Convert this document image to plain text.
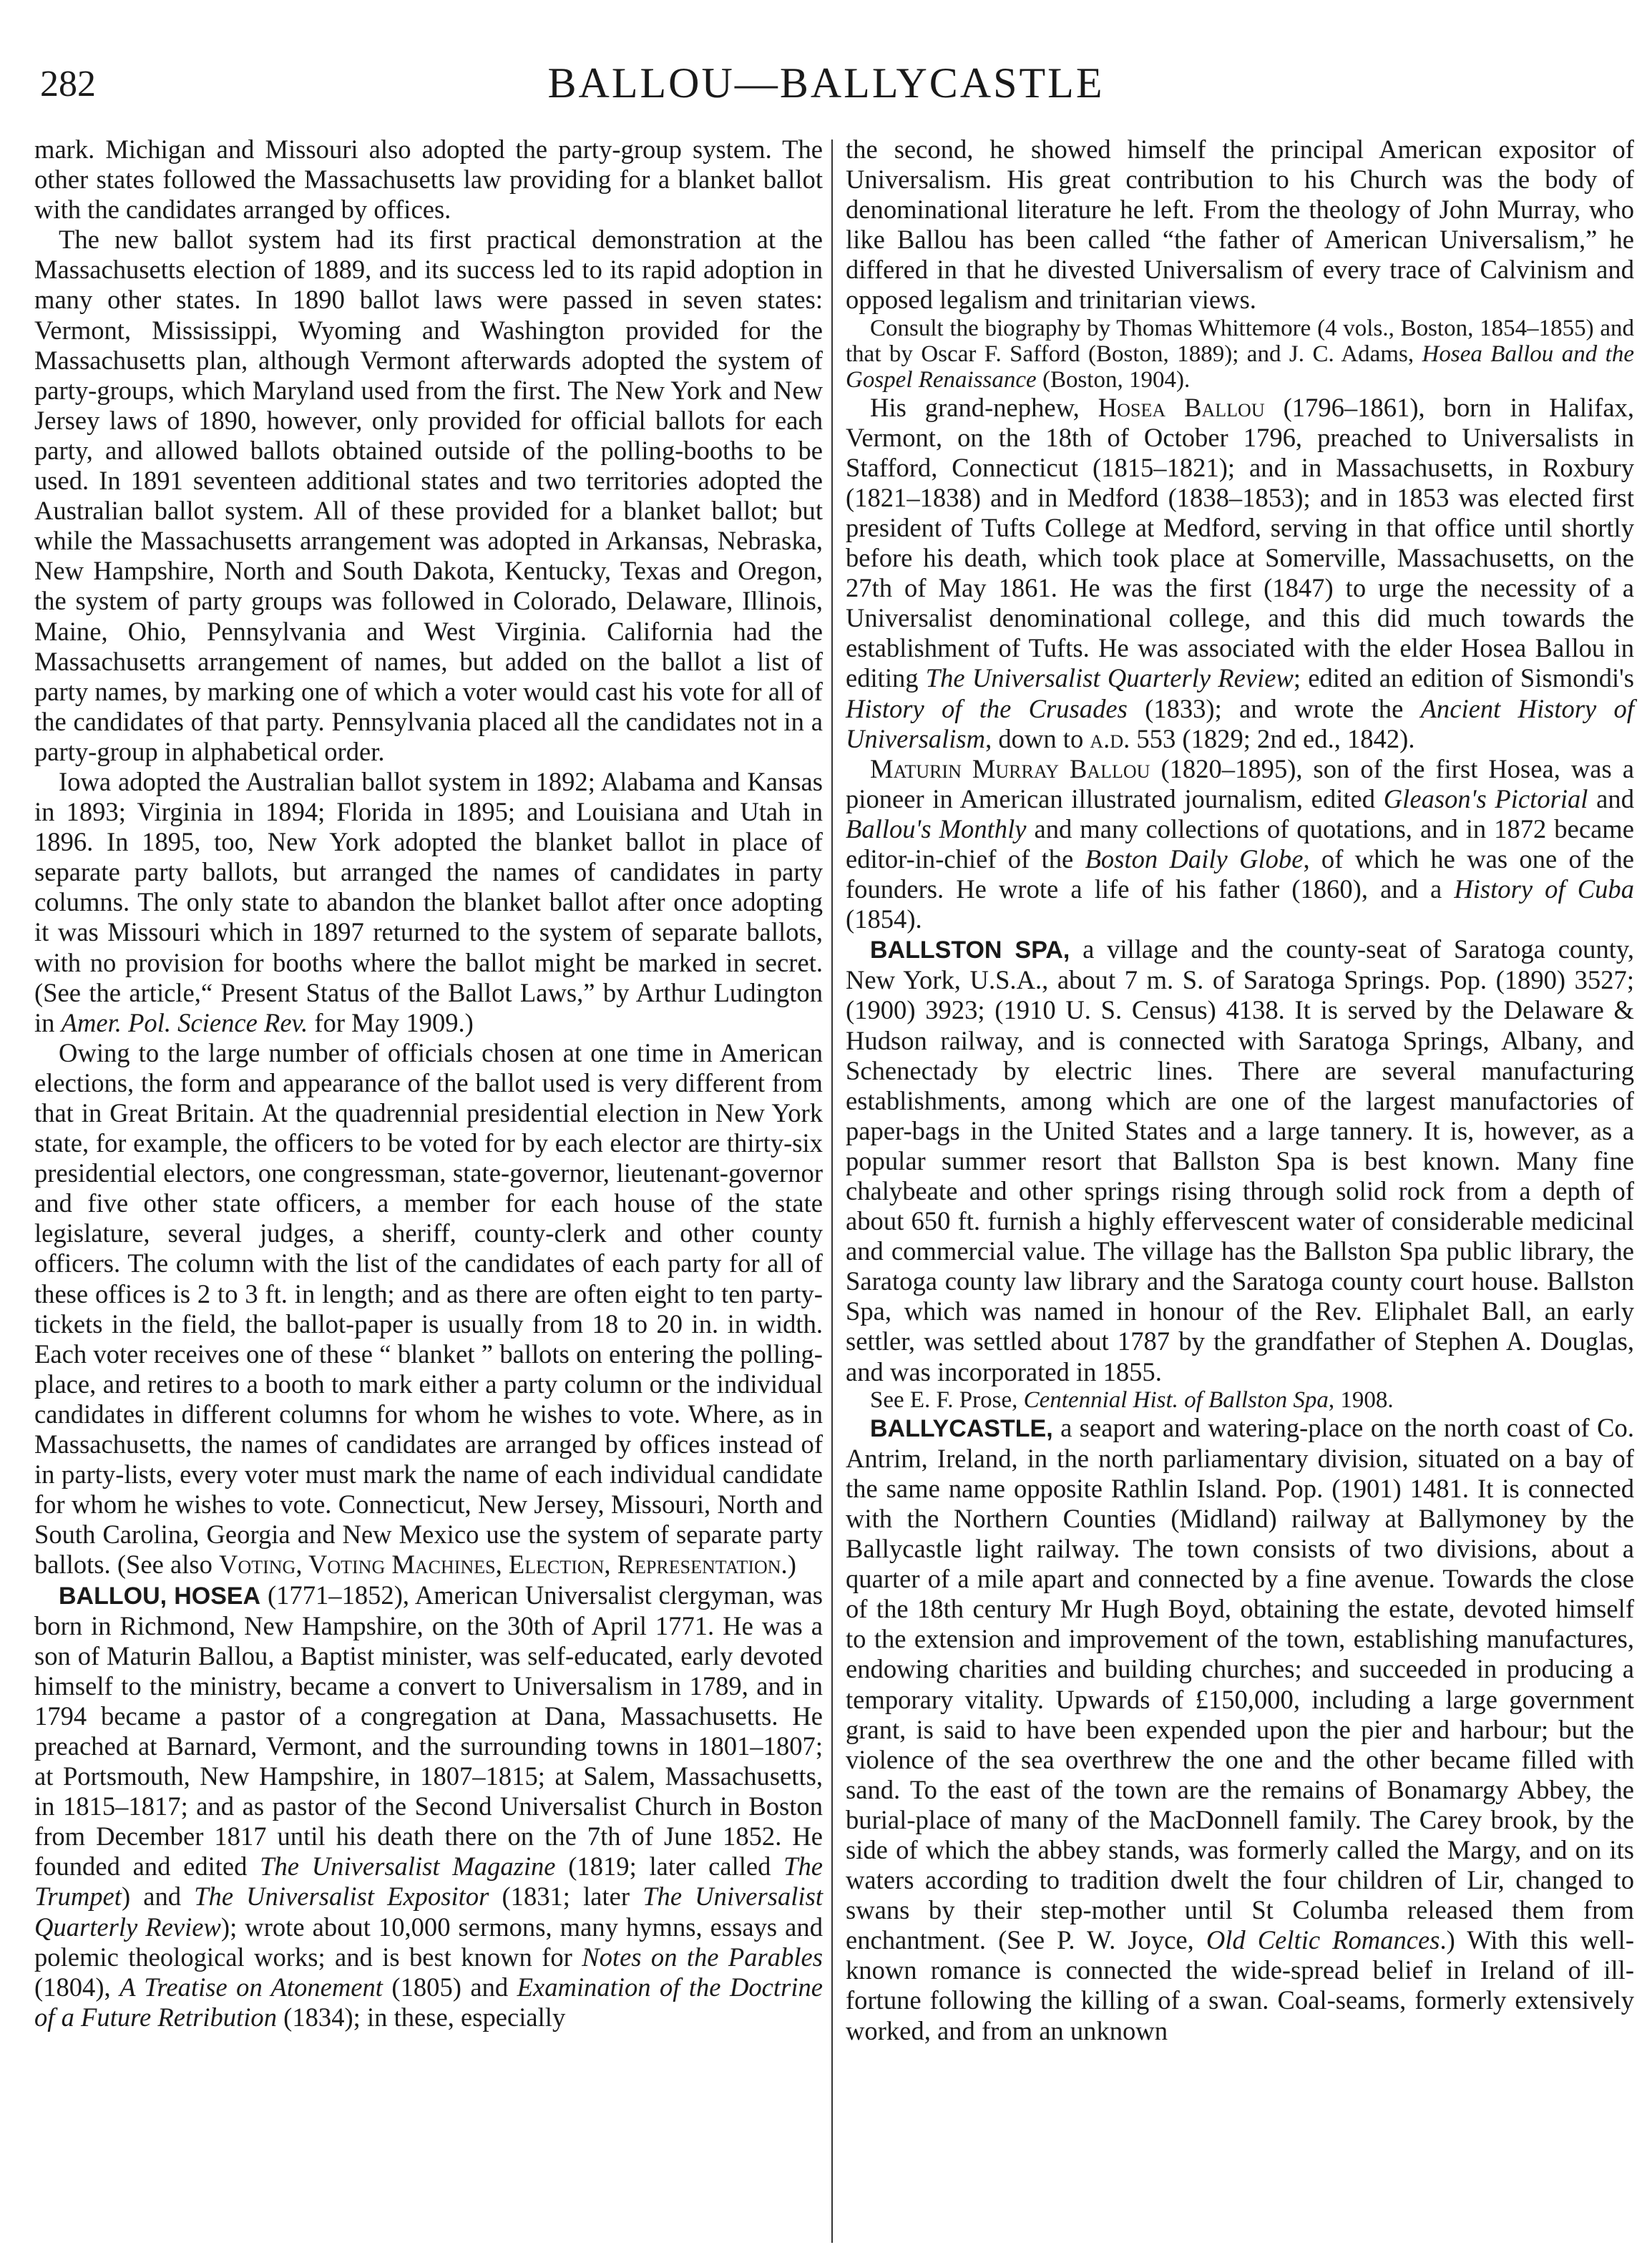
282	BALLOU—BALLYCASTLE

mark. Michigan and Missouri also adopted the party-group system. The other states followed the Massachusetts law providing for a blanket ballot with the candidates arranged by offices.

The new ballot system had its first practical demonstration at the Massachusetts election of 1889, and its success led to its rapid adoption in many other states. In 1890 ballot laws were passed in seven states: Vermont, Mississippi, Wyoming and Washington provided for the Massachusetts plan, although Vermont afterwards adopted the system of party-groups, which Maryland used from the first. The New York and New Jersey laws of 1890, however, only provided for official ballots for each party, and allowed ballots obtained outside of the polling-booths to be used. In 1891 seventeen additional states and two territories adopted the Australian ballot system. All of these provided for a blanket ballot; but while the Massachusetts arrangement was adopted in Arkansas, Nebraska, New Hampshire, North and South Dakota, Kentucky, Texas and Oregon, the system of party groups was followed in Colorado, Delaware, Illinois, Maine, Ohio, Pennsylvania and West Virginia. California had the Massachusetts arrangement of names, but added on the ballot a list of party names, by marking one of which a voter would cast his vote for all of the candidates of that party. Pennsylvania placed all the candidates not in a party-group in alphabetical order.

Iowa adopted the Australian ballot system in 1892; Alabama and Kansas in 1893; Virginia in 1894; Florida in 1895; and Louisiana and Utah in 1896. In 1895, too, New York adopted the blanket ballot in place of separate party ballots, but arranged the names of candidates in party columns. The only state to abandon the blanket ballot after once adopting it was Missouri which in 1897 returned to the system of separate ballots, with no provision for booths where the ballot might be marked in secret. (See the article,“ Present Status of the Ballot Laws,” by Arthur Ludington in Amer. Pol. Science Rev. for May 1909.)

Owing to the large number of officials chosen at one time in American elections, the form and appearance of the ballot used is very different from that in Great Britain. At the quadrennial presidential election in New York state, for example, the officers to be voted for by each elector are thirty-six presidential electors, one congressman, state-governor, lieutenant-governor and five other state officers, a member for each house of the state legislature, several judges, a sheriff, county-clerk and other county officers. The column with the list of the candidates of each party for all of these offices is 2 to 3 ft. in length; and as there are often eight to ten party-tickets in the field, the ballot-paper is usually from 18 to 20 in. in width. Each voter receives one of these “ blanket ” ballots on entering the polling-place, and retires to a booth to mark either a party column or the individual candidates in different columns for whom he wishes to vote. Where, as in Massachusetts, the names of candidates are arranged by offices instead of in party-lists, every voter must mark the name of each individual candidate for whom he wishes to vote. Connecticut, New Jersey, Missouri, North and South Carolina, Georgia and New Mexico use the system of separate party ballots. (See also Voting, Voting Machines, Election, Representation.)

BALLOU, HOSEA (1771–1852), American Universalist clergyman, was born in Richmond, New Hampshire, on the 30th of April 1771. He was a son of Maturin Ballou, a Baptist minister, was self-educated, early devoted himself to the ministry, became a convert to Universalism in 1789, and in 1794 became a pastor of a congregation at Dana, Massachusetts. He preached at Barnard, Vermont, and the surrounding towns in 1801–1807; at Portsmouth, New Hampshire, in 1807–1815; at Salem, Massachusetts, in 1815–1817; and as pastor of the Second Universalist Church in Boston from December 1817 until his death there on the 7th of June 1852. He founded and edited The Universalist Magazine (1819; later called The Trumpet) and The Universalist Expositor (1831; later The Universalist Quarterly Review); wrote about 10,000 sermons, many hymns, essays and polemic theological works; and is best known for Notes on the Parables (1804), A Treatise on Atonement (1805) and Examination of the Doctrine of a Future Retribution (1834); in these, especially

the second, he showed himself the principal American expositor of Universalism. His great contribution to his Church was the body of denominational literature he left. From the theology of John Murray, who like Ballou has been called “the father of American Universalism,” he differed in that he divested Universalism of every trace of Calvinism and opposed legalism and trinitarian views.

Consult the biography by Thomas Whittemore (4 vols., Boston, 1854–1855) and that by Oscar F. Safford (Boston, 1889); and J. C. Adams, Hosea Ballou and the Gospel Renaissance (Boston, 1904).

His grand-nephew, Hosea Ballou (1796–1861), born in Halifax, Vermont, on the 18th of October 1796, preached to Universalists in Stafford, Connecticut (1815–1821); and in Massachusetts, in Roxbury (1821–1838) and in Medford (1838–1853); and in 1853 was elected first president of Tufts College at Medford, serving in that office until shortly before his death, which took place at Somerville, Massachusetts, on the 27th of May 1861. He was the first (1847) to urge the necessity of a Universalist denominational college, and this did much towards the establishment of Tufts. He was associated with the elder Hosea Ballou in editing The Universalist Quarterly Review; edited an edition of Sismondi's History of the Crusades (1833); and wrote the Ancient History of Universalism, down to a.d. 553 (1829; 2nd ed., 1842).

Maturin Murray Ballou (1820–1895), son of the first Hosea, was a pioneer in American illustrated journalism, edited Gleason's Pictorial and Ballou's Monthly and many collections of quotations, and in 1872 became editor-in-chief of the Boston Daily Globe, of which he was one of the founders. He wrote a life of his father (1860), and a History of Cuba (1854).

BALLSTON SPA, a village and the county-seat of Saratoga county, New York, U.S.A., about 7 m. S. of Saratoga Springs. Pop. (1890) 3527; (1900) 3923; (1910 U. S. Census) 4138. It is served by the Delaware & Hudson railway, and is connected with Saratoga Springs, Albany, and Schenectady by electric lines. There are several manufacturing establishments, among which are one of the largest manufactories of paper-bags in the United States and a large tannery. It is, however, as a popular summer resort that Ballston Spa is best known. Many fine chalybeate and other springs rising through solid rock from a depth of about 650 ft. furnish a highly effervescent water of considerable medicinal and commercial value. The village has the Ballston Spa public library, the Saratoga county law library and the Saratoga county court house. Ballston Spa, which was named in honour of the Rev. Eliphalet Ball, an early settler, was settled about 1787 by the grandfather of Stephen A. Douglas, and was incorporated in 1855.

See E. F. Prose, Centennial Hist. of Ballston Spa, 1908.

BALLYCASTLE, a seaport and watering-place on the north coast of Co. Antrim, Ireland, in the north parliamentary division, situated on a bay of the same name opposite Rathlin Island. Pop. (1901) 1481. It is connected with the Northern Counties (Midland) railway at Ballymoney by the Ballycastle light railway. The town consists of two divisions, about a quarter of a mile apart and connected by a fine avenue. Towards the close of the 18th century Mr Hugh Boyd, obtaining the estate, devoted himself to the extension and improvement of the town, establishing manufactures, endowing charities and building churches; and succeeded in producing a temporary vitality. Upwards of £150,000, including a large government grant, is said to have been expended upon the pier and harbour; but the violence of the sea overthrew the one and the other became filled with sand. To the east of the town are the remains of Bonamargy Abbey, the burial-place of many of the MacDonnell family. The Carey brook, by the side of which the abbey stands, was formerly called the Margy, and on its waters according to tradition dwelt the four children of Lir, changed to swans by their step-mother until St Columba released them from enchantment. (See P. W. Joyce, Old Celtic Romances.) With this well-known romance is connected the wide-spread belief in Ireland of ill-fortune following the killing of a swan. Coal-seams, formerly extensively worked, and from an unknown
